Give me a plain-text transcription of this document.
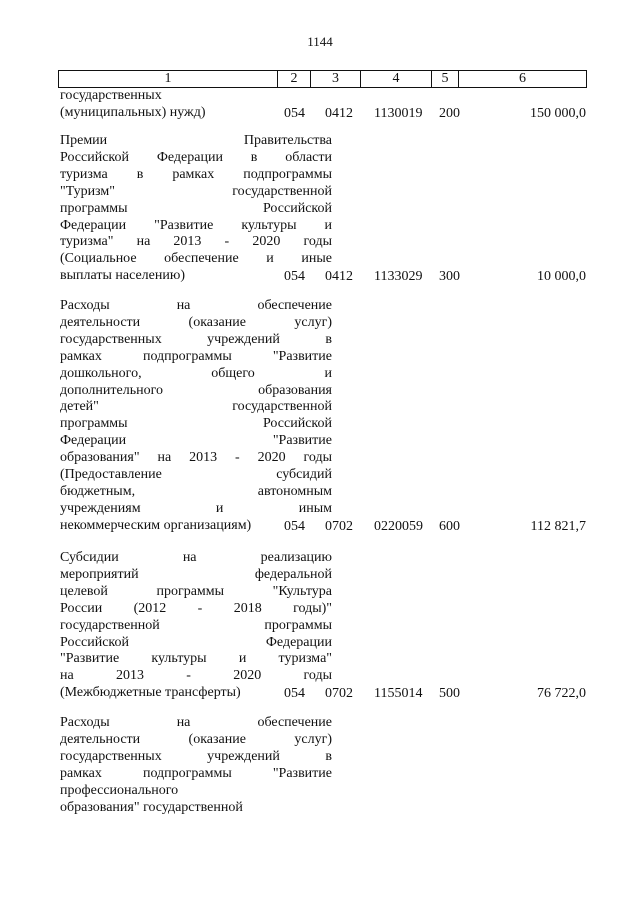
1144
1	2	3	4	5	6
государственных
(муниципальных) нужд)	054 0412 1130019 200	150 000,0
Премии Правительства
Российской Федерации в области
туризма в рамках подпрограммы
"Туризм" государственной
программы Российской
Федерации "Развитие культуры и
туризма" на 2013 - 2020 годы
(Социальное обеспечение и иные
выплаты населению)	054 0412 1133029 300	10 000,0
Расходы на обеспечение
деятельности (оказание услуг)
государственных учреждений в
рамках подпрограммы "Развитие
дошкольного, общего и
дополнительного образования
детей" государственной
программы Российской
Федерации "Развитие
образования" на 2013 - 2020 годы
(Предоставление субсидий
бюджетным, автономным
учреждениям и иным
некоммерческим организациям)	054 0702 0220059 600	112 821,7
Субсидии на реализацию
мероприятий федеральной
целевой программы "Культура
России (2012 - 2018 годы)"
государственной программы
Российской Федерации
"Развитие культуры и туризма"
на 2013 - 2020 годы
(Межбюджетные трансферты)	054 0702 1155014 500	76 722,0
Расходы на обеспечение
деятельности (оказание услуг)
государственных учреждений в
рамках подпрограммы "Развитие
профессионального
образования" государственной
